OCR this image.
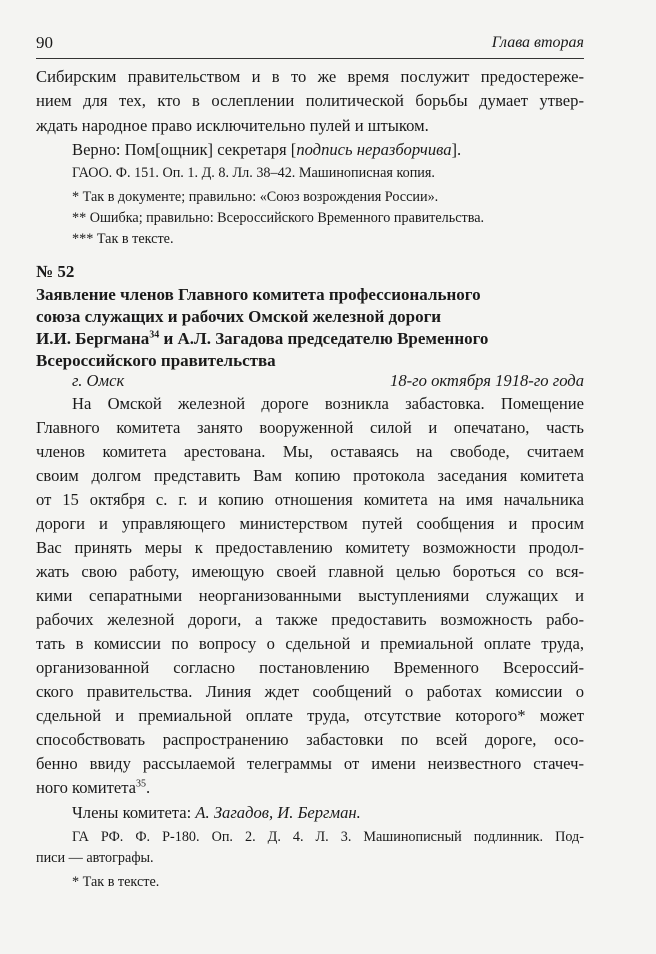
90	Глава вторая
Сибирским правительством и в то же время послужит предостереже-
нием для тех, кто в ослеплении политической борьбы думает утвер-
ждать народное право исключительно пулей и штыком.
Верно: Пом[ощник] секретаря [подпись неразборчива].
ГАОО. Ф. 151. Оп. 1. Д. 8. Лл. 38–42. Машинописная копия.
* Так в документе; правильно: «Союз возрождения России».
** Ошибка; правильно: Всероссийского Временного правительства.
*** Так в тексте.
№ 52
Заявление членов Главного комитета профессионального
союза служащих и рабочих Омской железной дороги
И.И. Бергмана$^{34}$ и А.Л. Загадова председателю Временного
Всероссийского правительства
г. Омск	18-го октября 1918-го года
На Омской железной дороге возникла забастовка. Помещение
Главного комитета занято вооруженной силой и опечатано, часть
членов комитета арестована. Мы, оставаясь на свободе, считаем
своим долгом представить Вам копию протокола заседания комитета
от 15 октября с. г. и копию отношения комитета на имя начальника
дороги и управляющего министерством путей сообщения и просим
Вас принять меры к предоставлению комитету возможности продол-
жать свою работу, имеющую своей главной целью бороться со вся-
кими сепаратными неорганизованными выступлениями служащих и
рабочих железной дороги, а также предоставить возможность рабо-
тать в комиссии по вопросу о сдельной и премиальной оплате труда,
организованной согласно постановлению Временного Всероссий-
ского правительства. Линия ждет сообщений о работах комиссии о
сдельной и премиальной оплате труда, отсутствие которого* может
способствовать распространению забастовки по всей дороге, осо-
бенно ввиду рассылаемой телеграммы от имени неизвестного стачеч-
ного комитета$^{35}$.
Члены комитета: А. Загадов, И. Бергман.
ГА РФ. Ф. Р-180. Оп. 2. Д. 4. Л. 3. Машинописный подлинник. Под-
писи — автографы.
* Так в тексте.
